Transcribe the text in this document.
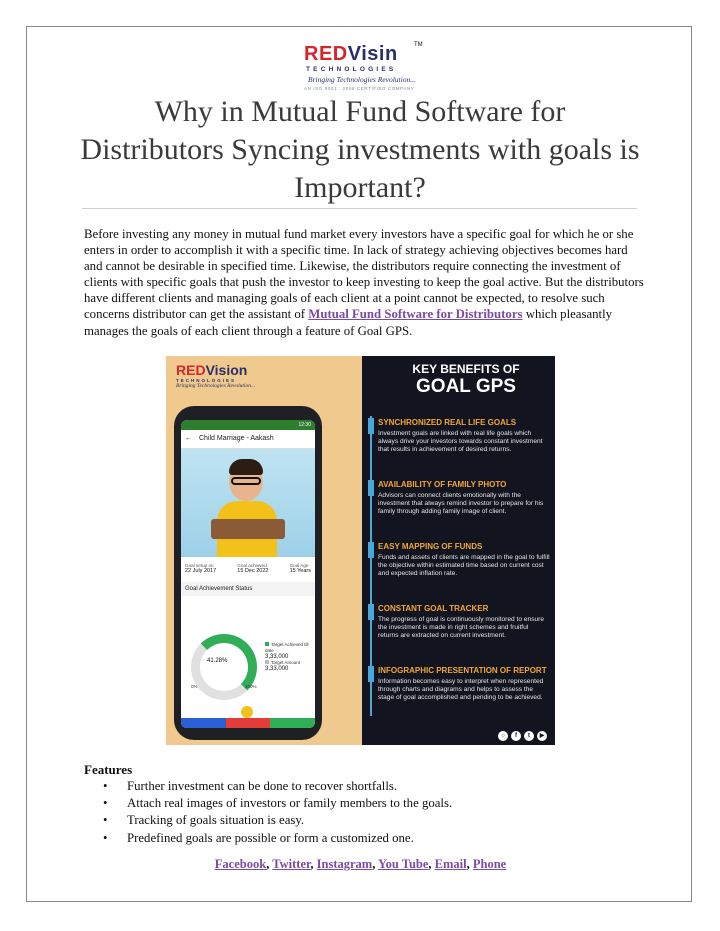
REDVisin	TM
TECHNOLOGIES
Bringing Technologies Revolution...
AN ISO 9001 : 2008 CERTIFIED COMPANY
Why in Mutual Fund Software for Distributors Syncing investments with goals is Important?

Before investing any money in mutual fund market every investors have a specific goal for which he or she enters in order to accomplish it with a specific time. In lack of strategy achieving objectives becomes hard and cannot be desirable in specified time. Likewise, the distributors require connecting the investment of clients with specific goals that push the investor to keep investing to keep the goal active. But the distributors have different clients and managing goals of each client at a point cannot be expected, to resolve such concerns distributor can get the assistant of Mutual Fund Software for Distributors which pleasantly manages the goals of each client through a feature of Goal GPS.

REDVision
TECHNOLOGIES
Bringing Technologies Revolution...
12:30
← Child Marriage - Aakash
Goal setup on
22 July 2017
Goal achieved
15 Dec 2022
Goal Age
15 Years
Goal Achievement Status
41.28%
0%	100%
Target Achieved till date
3,33,000
Target Amount
3,33,000
KEY BENEFITS OF
GOAL GPS
SYNCHRONIZED REAL LIFE GOALS
Investment goals are linked with real life goals which always drive your investors towards constant investment that results in achievement of desired returns.
AVAILABILITY OF FAMILY PHOTO
Advisors can connect clients emotionally with the investment that always remind investor to prepare for his family through adding family image of client.
EASY MAPPING OF FUNDS
Funds and assets of clients are mapped in the goal to fulfill the objective within estimated time based on current cost and expected inflation rate.
CONSTANT GOAL TRACKER
The progress of goal is continuously monitored to ensure the investment is made in right schemes and fruitful returns are extracted on current investment.
INFOGRAPHIC PRESENTATION OF REPORT
Information becomes easy to interpret when represented through charts and diagrams and helps to assess the stage of goal accomplished and pending to be achieved.
○	f	t	▶
Features
• Further investment can be done to recover shortfalls.
• Attach real images of investors or family members to the goals.
• Tracking of goals situation is easy.
• Predefined goals are possible or form a customized one.
Facebook, Twitter, Instagram, You Tube, Email, Phone
